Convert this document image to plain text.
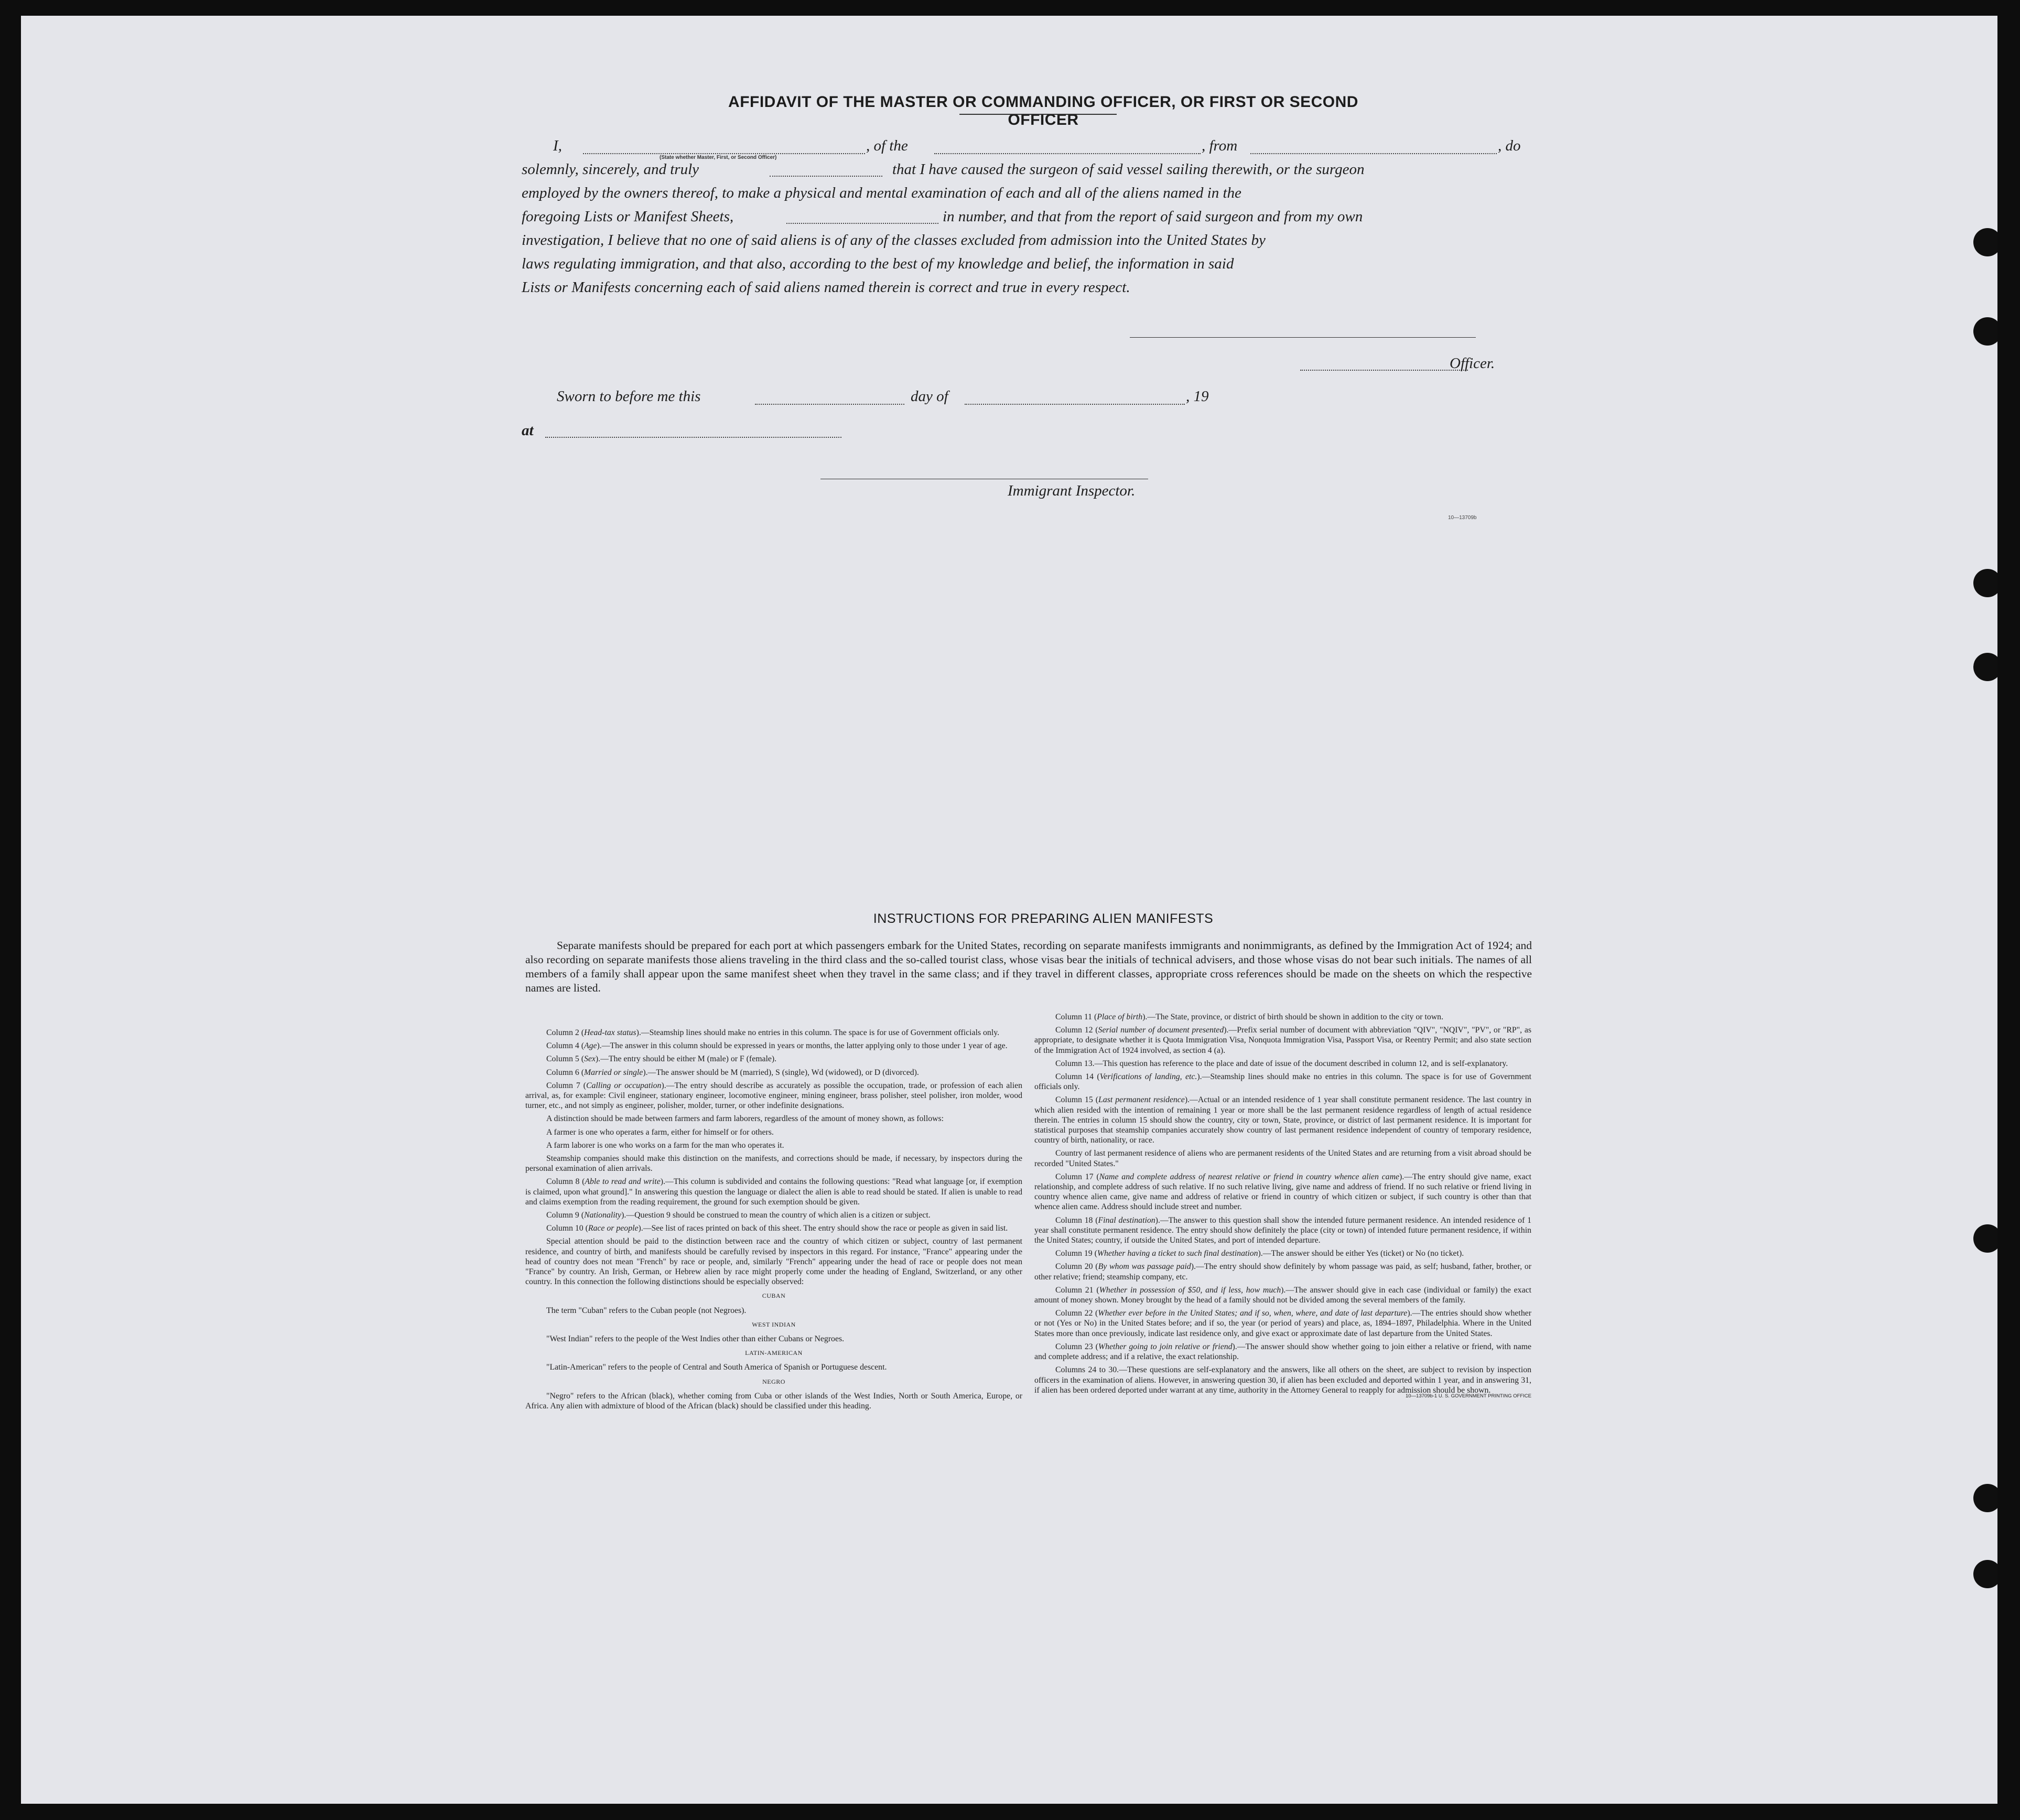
AFFIDAVIT OF THE MASTER OR COMMANDING OFFICER, OR FIRST OR SECOND OFFICER
I,
(State whether Master, First, or Second Officer)
, of the	, from	, do
solemnly, sincerely, and truly	that I have caused the surgeon of said vessel sailing therewith, or the surgeon
employed by the owners thereof, to make a physical and mental examination of each and all of the aliens named in the
foregoing Lists or Manifest Sheets,	in number, and that from the report of said surgeon and from my own
investigation, I believe that no one of said aliens is of any of the classes excluded from admission into the United States by
laws regulating immigration, and that also, according to the best of my knowledge and belief, the information in said
Lists or Manifests concerning each of said aliens named therein is correct and true in every respect.
Officer.
Sworn to before me this	day of	, 19
at
Immigrant Inspector.
10—13709b
INSTRUCTIONS FOR PREPARING ALIEN MANIFESTS
Separate manifests should be prepared for each port at which passengers embark for the United States, recording on separate manifests immigrants and nonimmigrants, as defined by the Immigration Act of 1924; and also recording on separate manifests those aliens traveling in the third class and the so-called tourist class, whose visas bear the initials of technical advisers, and those whose visas do not bear such initials. The names of all members of a family shall appear upon the same manifest sheet when they travel in the same class; and if they travel in different classes, appropriate cross references should be made on the sheets on which the respective names are listed.

Column 2 (Head-tax status).—Steamship lines should make no entries in this column. The space is for use of Government officials only.

Column 4 (Age).—The answer in this column should be expressed in years or months, the latter applying only to those under 1 year of age.

Column 5 (Sex).—The entry should be either M (male) or F (female).

Column 6 (Married or single).—The answer should be M (married), S (single), Wd (widowed), or D (divorced).

Column 7 (Calling or occupation).—The entry should describe as accurately as possible the occupation, trade, or profession of each alien arrival, as, for example: Civil engineer, stationary engineer, locomotive engineer, mining engineer, brass polisher, steel polisher, iron molder, wood turner, etc., and not simply as engineer, polisher, molder, turner, or other indefinite designations.

A distinction should be made between farmers and farm laborers, regardless of the amount of money shown, as follows:

A farmer is one who operates a farm, either for himself or for others.

A farm laborer is one who works on a farm for the man who operates it.

Steamship companies should make this distinction on the manifests, and corrections should be made, if necessary, by inspectors during the personal examination of alien arrivals.

Column 8 (Able to read and write).—This column is subdivided and contains the following questions: "Read what language [or, if exemption is claimed, upon what ground]." In answering this question the language or dialect the alien is able to read should be stated. If alien is unable to read and claims exemption from the reading requirement, the ground for such exemption should be given.

Column 9 (Nationality).—Question 9 should be construed to mean the country of which alien is a citizen or subject.

Column 10 (Race or people).—See list of races printed on back of this sheet. The entry should show the race or people as given in said list.

Special attention should be paid to the distinction between race and the country of which citizen or subject, country of last permanent residence, and country of birth, and manifests should be carefully revised by inspectors in this regard. For instance, "France" appearing under the head of country does not mean "French" by race or people, and, similarly "French" appearing under the head of race or people does not mean "France" by country. An Irish, German, or Hebrew alien by race might properly come under the heading of England, Switzerland, or any other country. In this connection the following distinctions should be especially observed:

CUBAN

The term "Cuban" refers to the Cuban people (not Negroes).

WEST INDIAN

"West Indian" refers to the people of the West Indies other than either Cubans or Negroes.

LATIN-AMERICAN

"Latin-American" refers to the people of Central and South America of Spanish or Portuguese descent.

NEGRO

"Negro" refers to the African (black), whether coming from Cuba or other islands of the West Indies, North or South America, Europe, or Africa. Any alien with admixture of blood of the African (black) should be classified under this heading.

Column 11 (Place of birth).—The State, province, or district of birth should be shown in addition to the city or town.

Column 12 (Serial number of document presented).—Prefix serial number of document with abbreviation "QIV", "NQIV", "PV", or "RP", as appropriate, to designate whether it is Quota Immigration Visa, Nonquota Immigration Visa, Passport Visa, or Reentry Permit; and also state section of the Immigration Act of 1924 involved, as section 4 (a).

Column 13.—This question has reference to the place and date of issue of the document described in column 12, and is self-explanatory.

Column 14 (Verifications of landing, etc.).—Steamship lines should make no entries in this column. The space is for use of Government officials only.

Column 15 (Last permanent residence).—Actual or an intended residence of 1 year shall constitute permanent residence. The last country in which alien resided with the intention of remaining 1 year or more shall be the last permanent residence regardless of length of actual residence therein. The entries in column 15 should show the country, city or town, State, province, or district of last permanent residence. It is important for statistical purposes that steamship companies accurately show country of last permanent residence independent of country of temporary residence, country of birth, nationality, or race.

Country of last permanent residence of aliens who are permanent residents of the United States and are returning from a visit abroad should be recorded "United States."

Column 17 (Name and complete address of nearest relative or friend in country whence alien came).—The entry should give name, exact relationship, and complete address of such relative. If no such relative living, give name and address of friend. If no such relative or friend living in country whence alien came, give name and address of relative or friend in country of which citizen or subject, if such country is other than that whence alien came. Address should include street and number.

Column 18 (Final destination).—The answer to this question shall show the intended future permanent residence. An intended residence of 1 year shall constitute permanent residence. The entry should show definitely the place (city or town) of intended future permanent residence, if within the United States; country, if outside the United States, and port of intended departure.

Column 19 (Whether having a ticket to such final destination).—The answer should be either Yes (ticket) or No (no ticket).

Column 20 (By whom was passage paid).—The entry should show definitely by whom passage was paid, as self; husband, father, brother, or other relative; friend; steamship company, etc.

Column 21 (Whether in possession of $50, and if less, how much).—The answer should give in each case (individual or family) the exact amount of money shown. Money brought by the head of a family should not be divided among the several members of the family.

Column 22 (Whether ever before in the United States; and if so, when, where, and date of last departure).—The entries should show whether or not (Yes or No) in the United States before; and if so, the year (or period of years) and place, as, 1894–1897, Philadelphia. Where in the United States more than once previously, indicate last residence only, and give exact or approximate date of last departure from the United States.

Column 23 (Whether going to join relative or friend).—The answer should show whether going to join either a relative or friend, with name and complete address; and if a relative, the exact relationship.

Columns 24 to 30.—These questions are self-explanatory and the answers, like all others on the sheet, are subject to revision by inspection officers in the examination of aliens. However, in answering question 30, if alien has been excluded and deported within 1 year, and in answering 31, if alien has been ordered deported under warrant at any time, authority in the Attorney General to reapply for admission should be shown.

10—13709b-1 U. S. GOVERNMENT PRINTING OFFICE
